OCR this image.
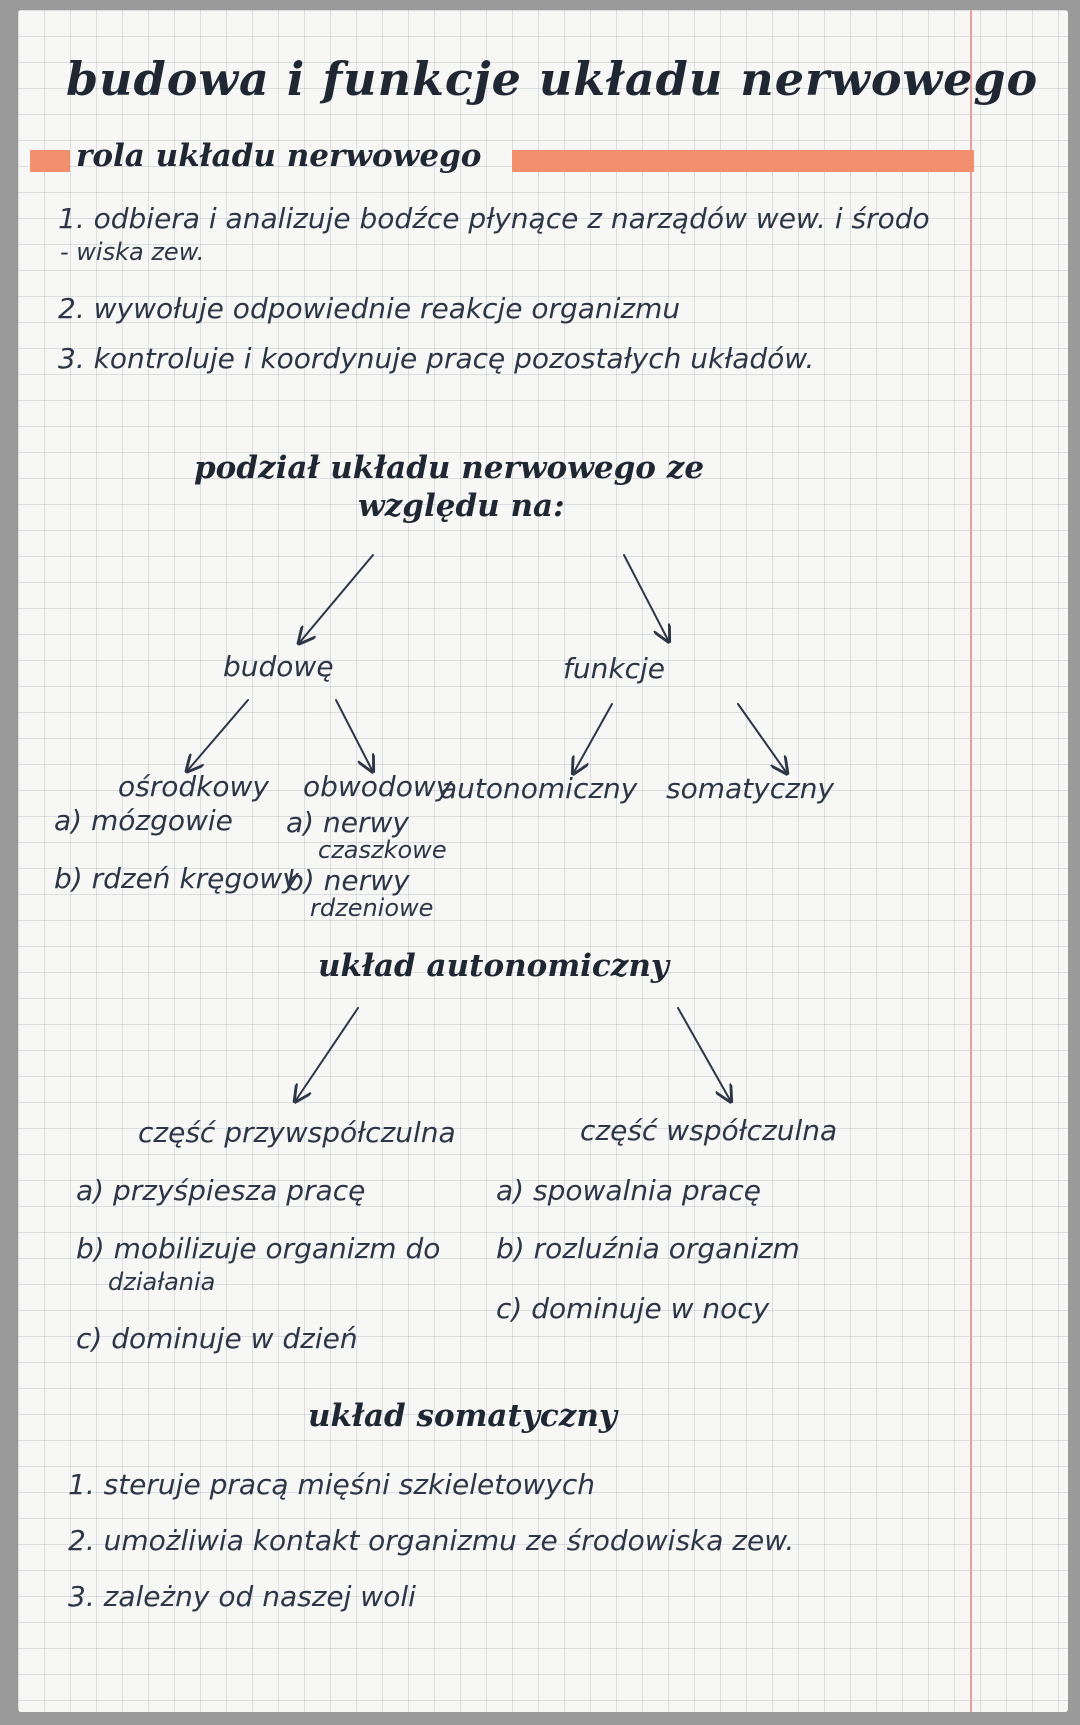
budowa i funkcje układu nerwowego
rola układu nerwowego
1. odbiera i analizuje bodźce płynące z narządów wew. i środo
- wiska zew.
2. wywołuje odpowiednie reakcje organizmu
3. kontroluje i koordynuje pracę pozostałych układów.
podział układu nerwowego ze
względu na:
budowę	funkcje
ośrodkowy
a) mózgowie
b) rdzeń kręgowy
obwodowy
a) nerwy
czaszkowe
b) nerwy
rdzeniowe
autonomiczny somatyczny
układ autonomiczny
część przywspółczulna
a) przyśpiesza pracę
b) mobilizuje organizm do
działania
c) dominuje w dzień
część współczulna
a) spowalnia pracę
b) rozluźnia organizm
c) dominuje w nocy
układ somatyczny
1. steruje pracą mięśni szkieletowych
2. umożliwia kontakt organizmu ze środowiska zew.
3. zależny od naszej woli
